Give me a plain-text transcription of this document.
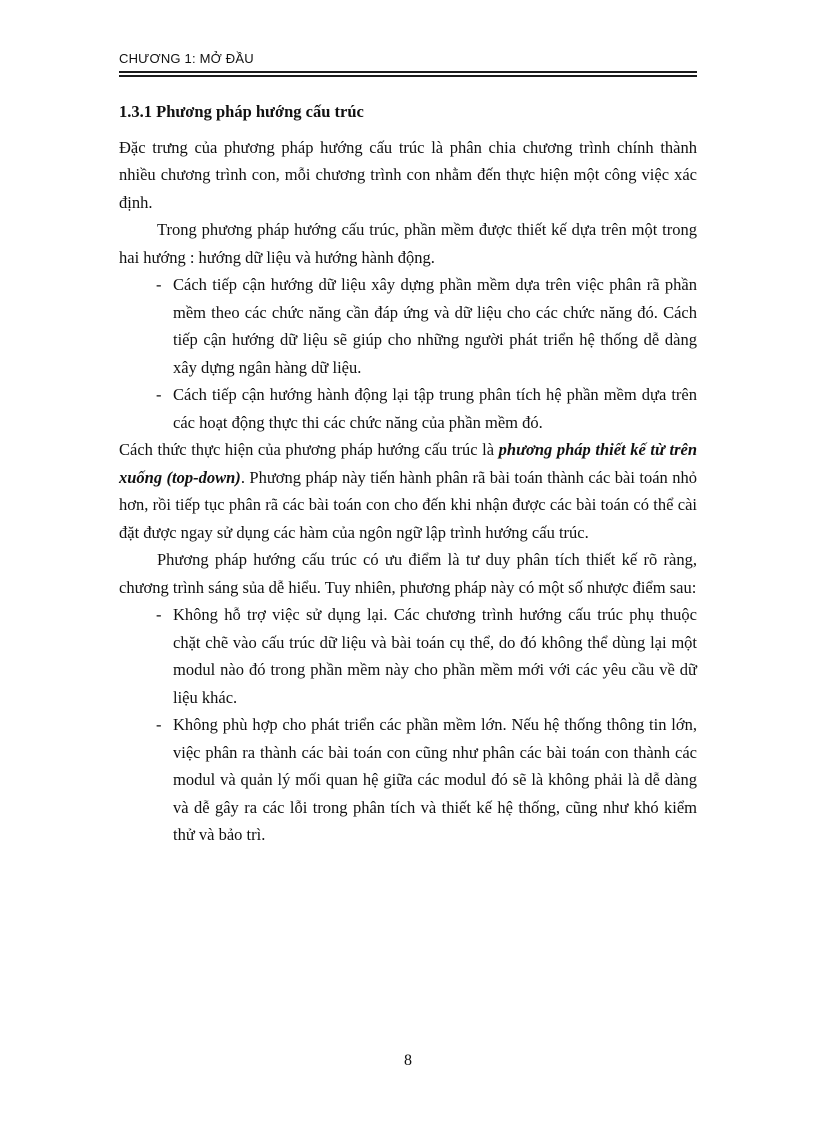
CHƯƠNG 1: MỞ ĐẦU

1.3.1 Phương pháp hướng cấu trúc

Đặc trưng của phương pháp hướng cấu trúc là phân chia chương trình chính thành nhiều chương trình con, mỗi chương trình con nhằm đến thực hiện một công việc xác định.

Trong phương pháp hướng cấu trúc, phần mềm được thiết kế dựa trên một trong hai hướng : hướng dữ liệu và hướng hành động.

- Cách tiếp cận hướng dữ liệu xây dựng phần mềm dựa trên việc phân rã phần mềm theo các chức năng cần đáp ứng và dữ liệu cho các chức năng đó. Cách tiếp cận hướng dữ liệu sẽ giúp cho những người phát triển hệ thống dễ dàng xây dựng ngân hàng dữ liệu.
- Cách tiếp cận hướng hành động lại tập trung phân tích hệ phần mềm dựa trên các hoạt động thực thi các chức năng của phần mềm đó.

Cách thức thực hiện của phương pháp hướng cấu trúc là phương pháp thiết kế từ trên xuống (top-down). Phương pháp này tiến hành phân rã bài toán thành các bài toán nhỏ hơn, rồi tiếp tục phân rã các bài toán con cho đến khi nhận được các bài toán có thể cài đặt được ngay sử dụng các hàm của ngôn ngữ lập trình hướng cấu trúc.

Phương pháp hướng cấu trúc có ưu điểm là tư duy phân tích thiết kế rõ ràng, chương trình sáng sủa dễ hiểu. Tuy nhiên, phương pháp này có một số nhược điểm sau:

- Không hỗ trợ việc sử dụng lại. Các chương trình hướng cấu trúc phụ thuộc chặt chẽ vào cấu trúc dữ liệu và bài toán cụ thể, do đó không thể dùng lại một modul nào đó trong phần mềm này cho phần mềm mới với các yêu cầu về dữ liệu khác.
- Không phù hợp cho phát triển các phần mềm lớn. Nếu hệ thống thông tin lớn, việc phân ra thành các bài toán con cũng như phân các bài toán con thành các modul và quản lý mối quan hệ giữa các modul đó sẽ là không phải là dễ dàng và dễ gây ra các lỗi trong phân tích và thiết kế hệ thống, cũng như khó kiểm thử và bảo trì.
8
